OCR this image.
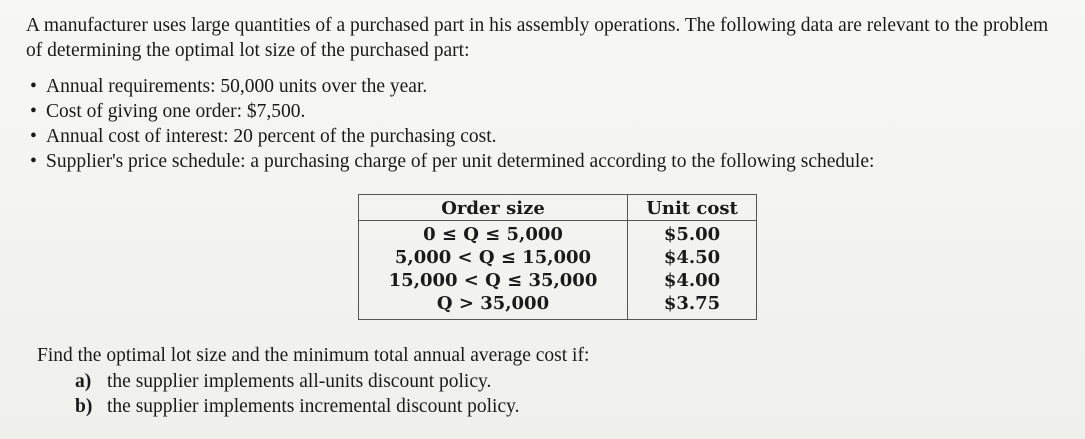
A manufacturer uses large quantities of a purchased part in his assembly operations. The following data are relevant to the problem of determining the optimal lot size of the purchased part:

• Annual requirements: 50,000 units over the year.
• Cost of giving one order: $7,500.
• Annual cost of interest: 20 percent of the purchasing cost.
• Supplier's price schedule: a purchasing charge of per unit determined according to the following schedule:
Order size	Unit cost
0 ≤ Q ≤ 5,000	$5.00
5,000 < Q ≤ 15,000	$4.50
15,000 < Q ≤ 35,000	$4.00
Q > 35,000	$3.75

Find the optimal lot size and the minimum total annual average cost if:

a) the supplier implements all-units discount policy.
b) the supplier implements incremental discount policy.
